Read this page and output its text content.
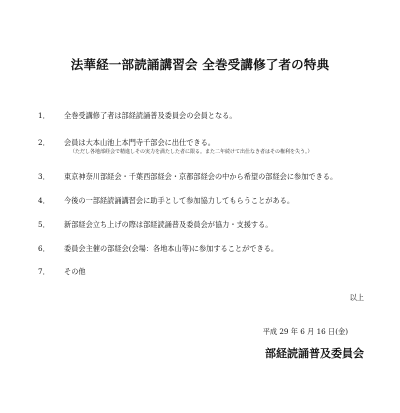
法華経一部読誦講習会 全巻受講修了者の特典
1． 全巻受講修了者は部経読誦普及委員会の会員となる。
2． 会員は大本山池上本門寺千部会に出仕できる。
（ただし各地部経会で精進しその実力を満たした者に限る。また二年続けて出仕なき者はその権利を失う。）
3． 東京神奈川部経会・千葉西部経会・京都部経会の中から希望の部経会に参加できる。
4． 今後の一部経読誦講習会に助手として参加協力してもらうことがある。
5． 新部経会立ち上げの際は部経読誦普及委員会が協力・支援する。
6． 委員会主催の部経会(会場：各地本山等)に参加することができる。
7． その他
以上
平成 29 年 6 月 16 日(金)
部経読誦普及委員会
